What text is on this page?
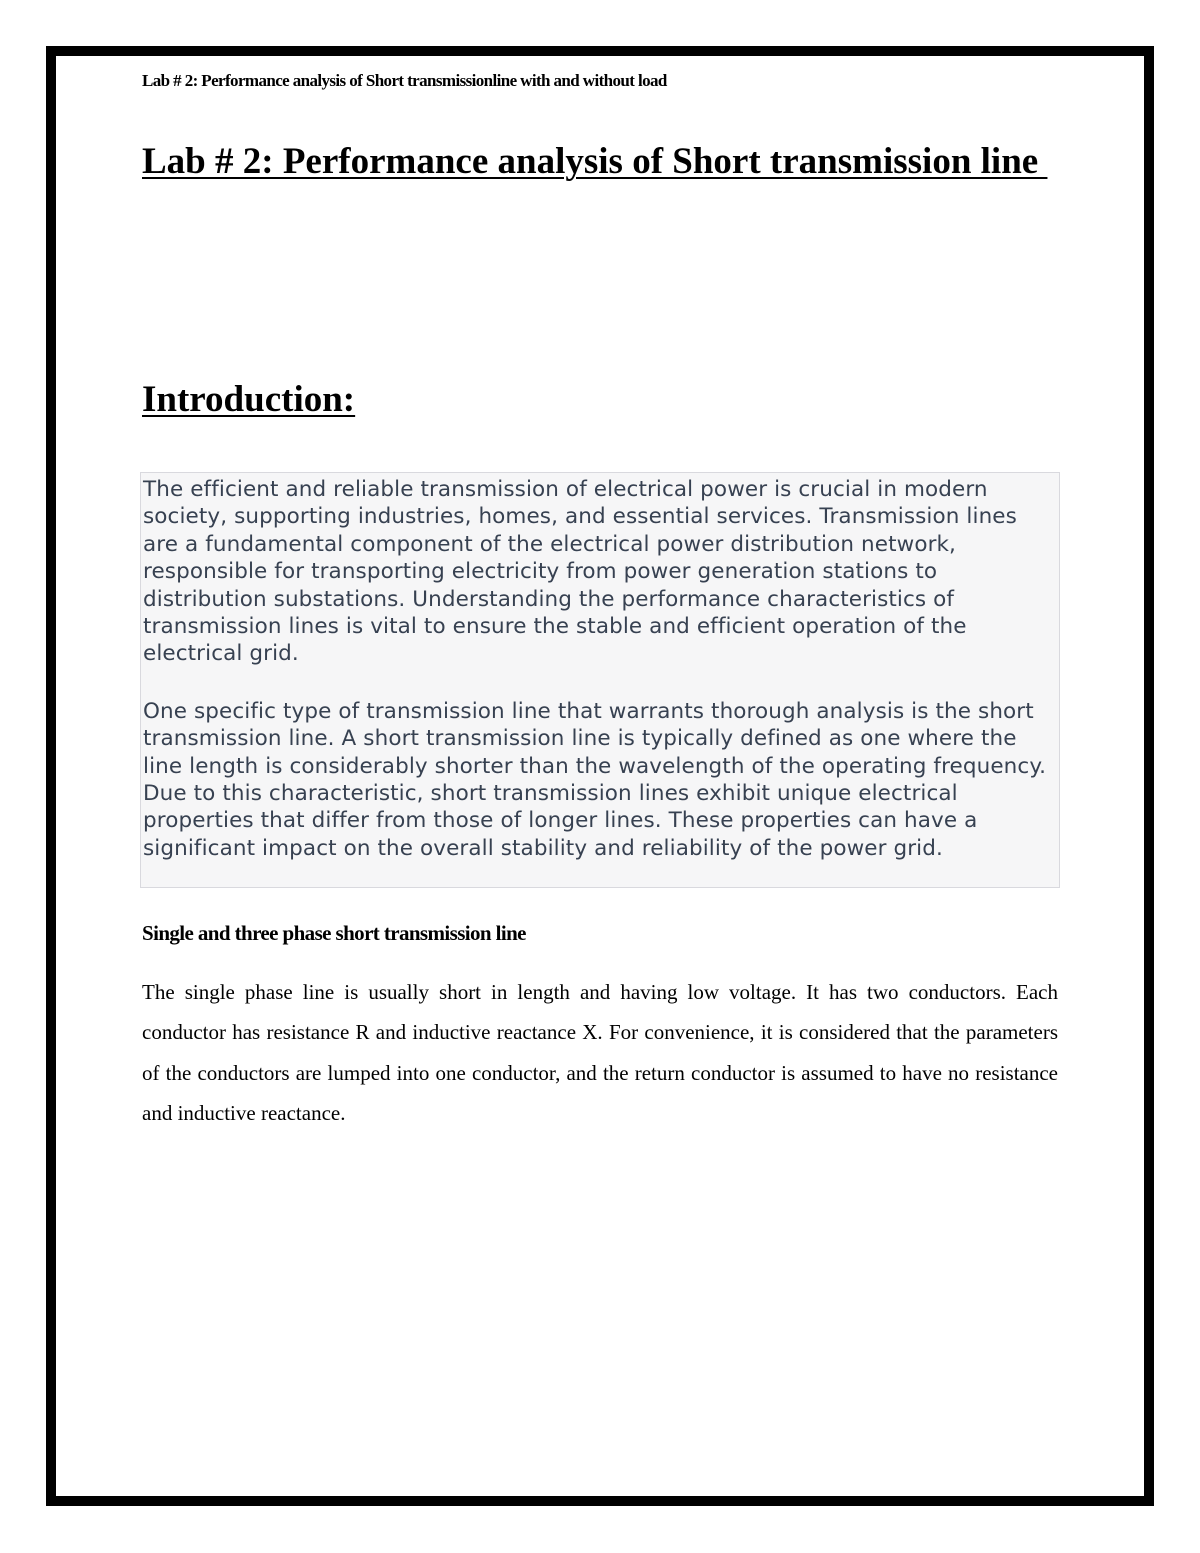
Lab # 2: Performance analysis of Short transmissionline with and without load
Lab # 2: Performance analysis of Short transmission line
Introduction:

The efficient and reliable transmission of electrical power is crucial in modern society, supporting industries, homes, and essential services. Transmission lines are a fundamental component of the electrical power distribution network, responsible for transporting electricity from power generation stations to distribution substations. Understanding the performance characteristics of transmission lines is vital to ensure the stable and efficient operation of the electrical grid.

One specific type of transmission line that warrants thorough analysis is the short transmission line. A short transmission line is typically defined as one where the line length is considerably shorter than the wavelength of the operating frequency. Due to this characteristic, short transmission lines exhibit unique electrical properties that differ from those of longer lines. These properties can have a significant impact on the overall stability and reliability of the power grid.

Single and three phase short transmission line

The single phase line is usually short in length and having low voltage. It has two conductors. Each conductor has resistance R and inductive reactance X. For convenience, it is considered that the parameters of the conductors are lumped into one conductor, and the return conductor is assumed to have no resistance and inductive reactance.
